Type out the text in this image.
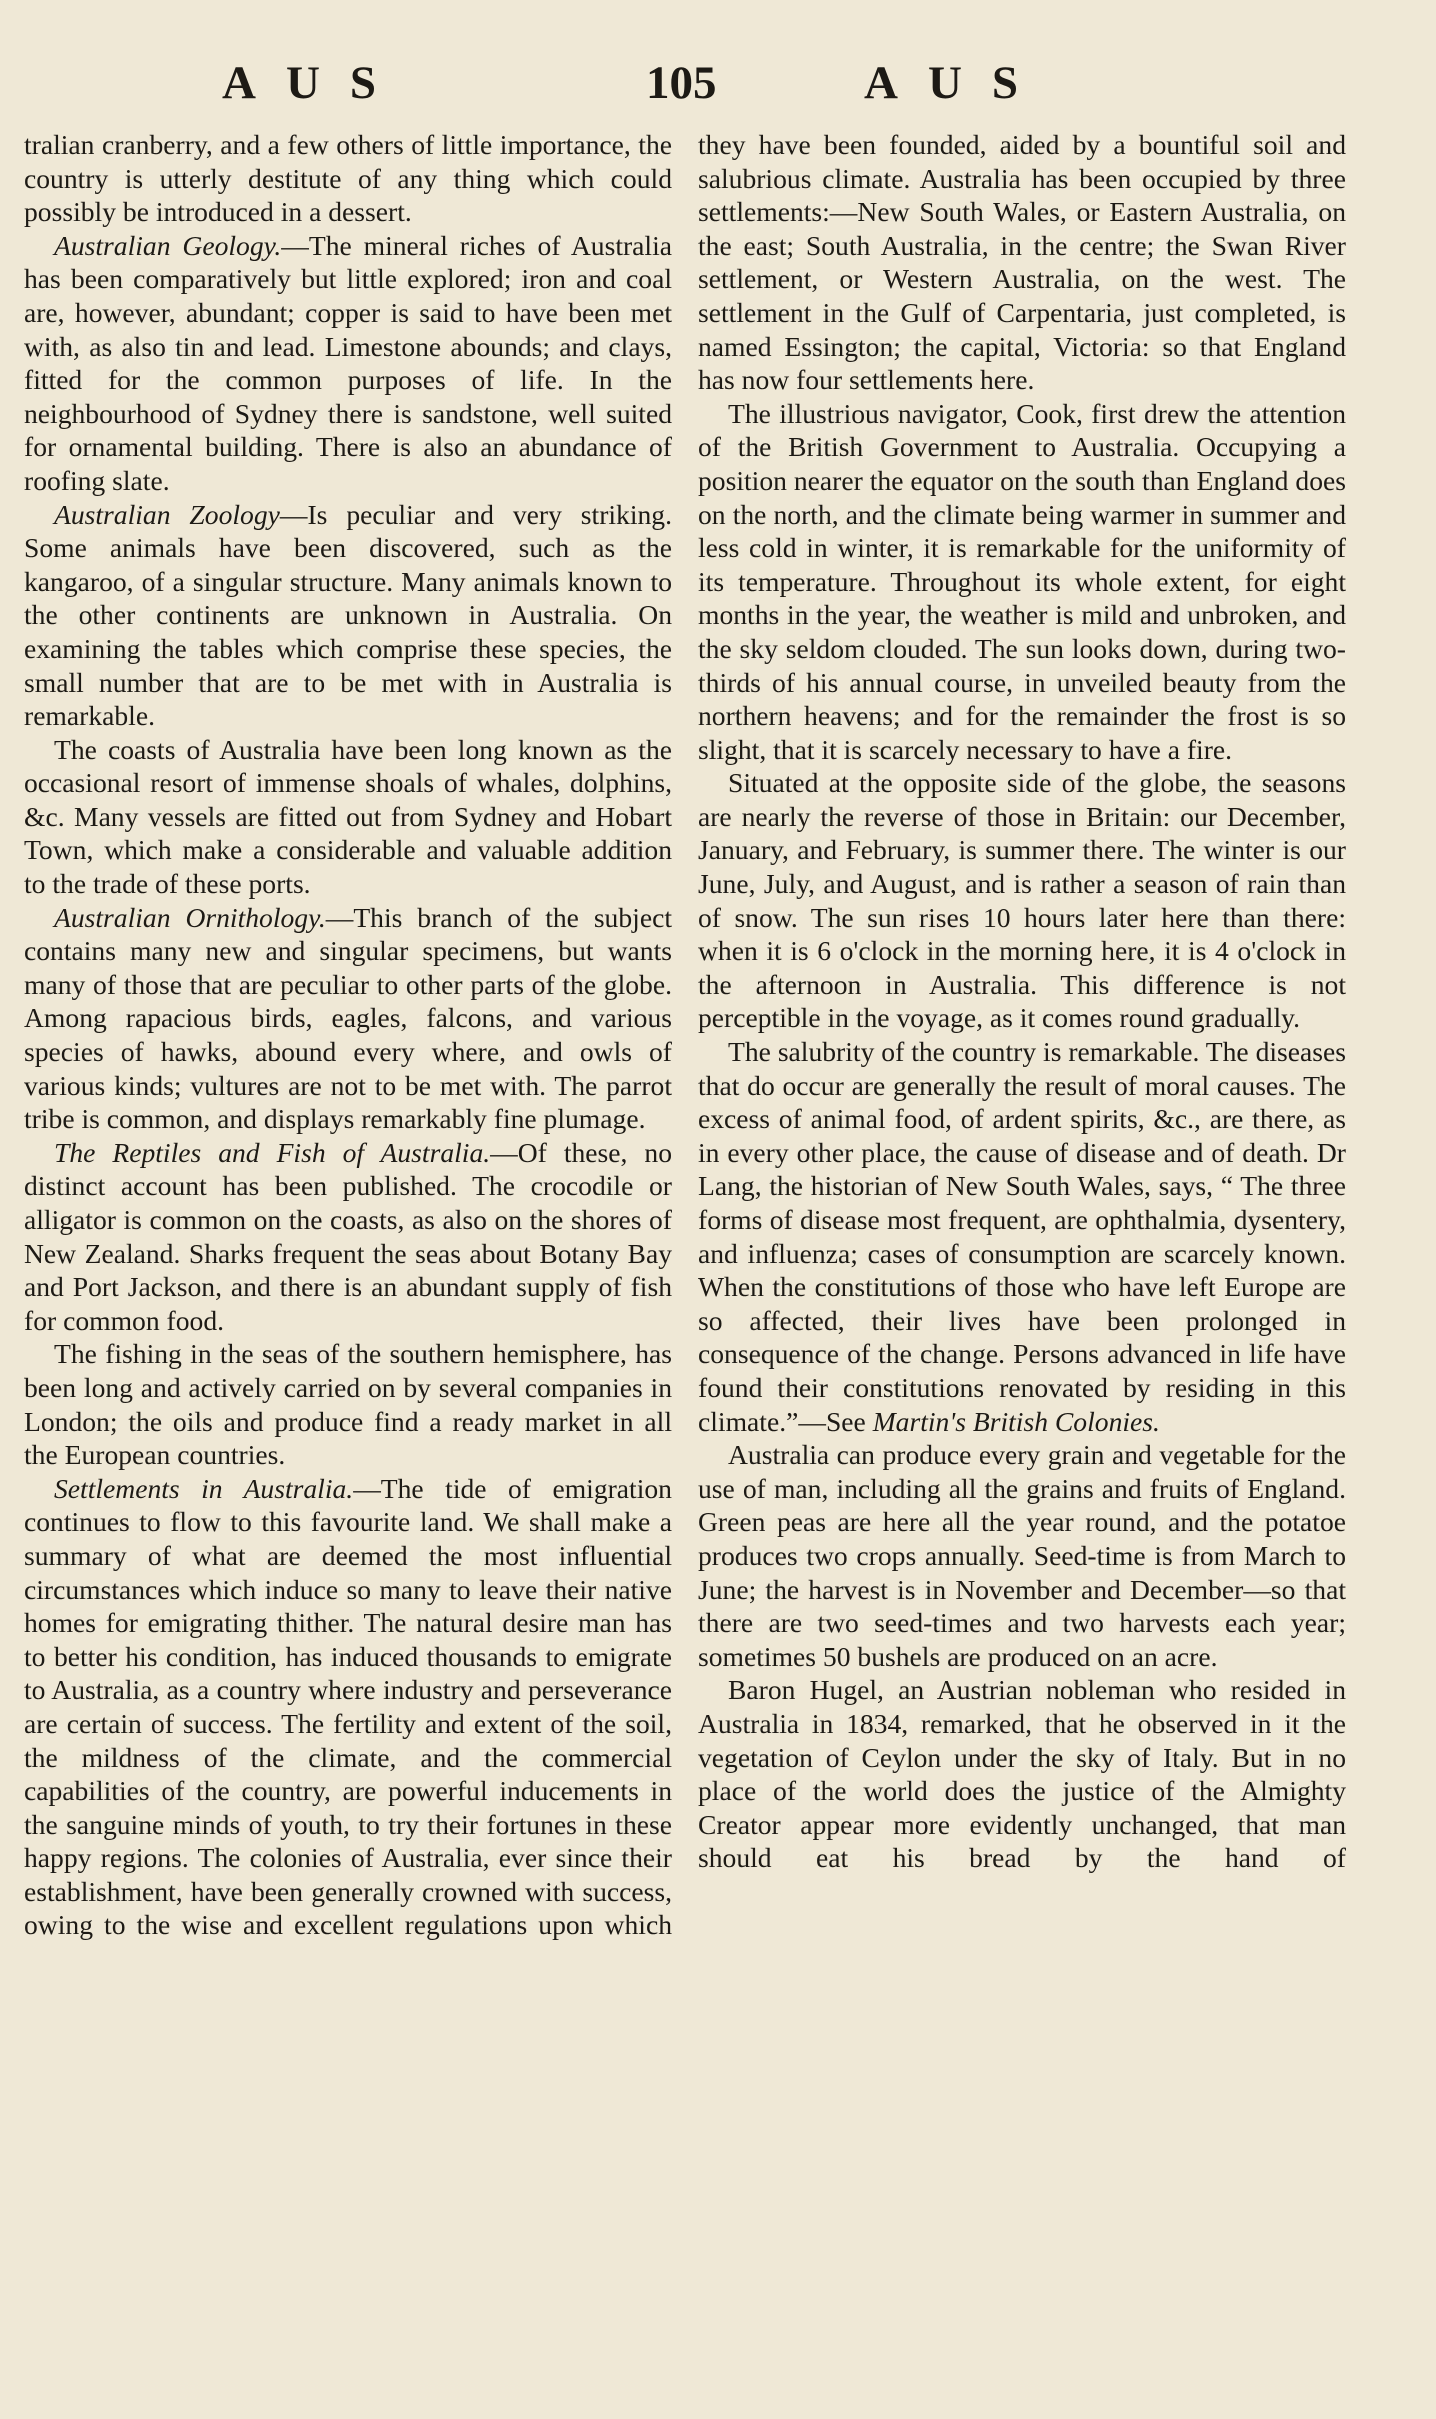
AUS	105	AUS

tralian cranberry, and a few others of little importance, the country is utterly destitute of any thing which could possibly be introduced in a dessert.

Australian Geology.—The mineral riches of Australia has been comparatively but little explored; iron and coal are, however, abundant; copper is said to have been met with, as also tin and lead. Limestone abounds; and clays, fitted for the common purposes of life. In the neighbourhood of Sydney there is sandstone, well suited for ornamental building. There is also an abundance of roofing slate.

Australian Zoology—Is peculiar and very striking. Some animals have been discovered, such as the kangaroo, of a singular structure. Many animals known to the other continents are unknown in Australia. On examining the tables which comprise these species, the small number that are to be met with in Australia is remarkable.

The coasts of Australia have been long known as the occasional resort of immense shoals of whales, dolphins, &c. Many vessels are fitted out from Sydney and Hobart Town, which make a considerable and valuable addition to the trade of these ports.

Australian Ornithology.—This branch of the subject contains many new and singular specimens, but wants many of those that are peculiar to other parts of the globe. Among rapacious birds, eagles, falcons, and various species of hawks, abound every where, and owls of various kinds; vultures are not to be met with. The parrot tribe is common, and displays remarkably fine plumage.

The Reptiles and Fish of Australia.—Of these, no distinct account has been published. The crocodile or alligator is common on the coasts, as also on the shores of New Zealand. Sharks frequent the seas about Botany Bay and Port Jackson, and there is an abundant supply of fish for common food.

The fishing in the seas of the southern hemisphere, has been long and actively carried on by several companies in London; the oils and produce find a ready market in all the European countries.

Settlements in Australia.—The tide of emigration continues to flow to this favourite land. We shall make a summary of what are deemed the most influential circumstances which induce so many to leave their native homes for emigrating thither. The natural desire man has to better his condition, has induced thousands to emigrate to Australia, as a country where industry and perseverance are certain of success. The fertility and extent of the soil, the mildness of the climate, and the commercial capabilities of the country, are powerful inducements in the sanguine minds of youth, to try their fortunes in these happy regions. The colonies of Australia, ever since their establishment, have been generally crowned with success, owing to the wise and excellent regulations upon which

they have been founded, aided by a bountiful soil and salubrious climate. Australia has been occupied by three settlements:—New South Wales, or Eastern Australia, on the east; South Australia, in the centre; the Swan River settlement, or Western Australia, on the west. The settlement in the Gulf of Carpentaria, just completed, is named Essington; the capital, Victoria: so that England has now four settlements here.

The illustrious navigator, Cook, first drew the attention of the British Government to Australia. Occupying a position nearer the equator on the south than England does on the north, and the climate being warmer in summer and less cold in winter, it is remarkable for the uniformity of its temperature. Throughout its whole extent, for eight months in the year, the weather is mild and unbroken, and the sky seldom clouded. The sun looks down, during two-thirds of his annual course, in unveiled beauty from the northern heavens; and for the remainder the frost is so slight, that it is scarcely necessary to have a fire.

Situated at the opposite side of the globe, the seasons are nearly the reverse of those in Britain: our December, January, and February, is summer there. The winter is our June, July, and August, and is rather a season of rain than of snow. The sun rises 10 hours later here than there: when it is 6 o'clock in the morning here, it is 4 o'clock in the afternoon in Australia. This difference is not perceptible in the voyage, as it comes round gradually.

The salubrity of the country is remarkable. The diseases that do occur are generally the result of moral causes. The excess of animal food, of ardent spirits, &c., are there, as in every other place, the cause of disease and of death. Dr Lang, the historian of New South Wales, says, “ The three forms of disease most frequent, are ophthalmia, dysentery, and influenza; cases of consumption are scarcely known. When the constitutions of those who have left Europe are so affected, their lives have been prolonged in consequence of the change. Persons advanced in life have found their constitutions renovated by residing in this climate.”—See Martin's British Colonies.

Australia can produce every grain and vegetable for the use of man, including all the grains and fruits of England. Green peas are here all the year round, and the potatoe produces two crops annually. Seed-time is from March to June; the harvest is in November and December—so that there are two seed-times and two harvests each year; sometimes 50 bushels are produced on an acre.

Baron Hugel, an Austrian nobleman who resided in Australia in 1834, remarked, that he observed in it the vegetation of Ceylon under the sky of Italy. But in no place of the world does the justice of the Almighty Creator appear more evidently unchanged, that man should eat his bread by the hand of
